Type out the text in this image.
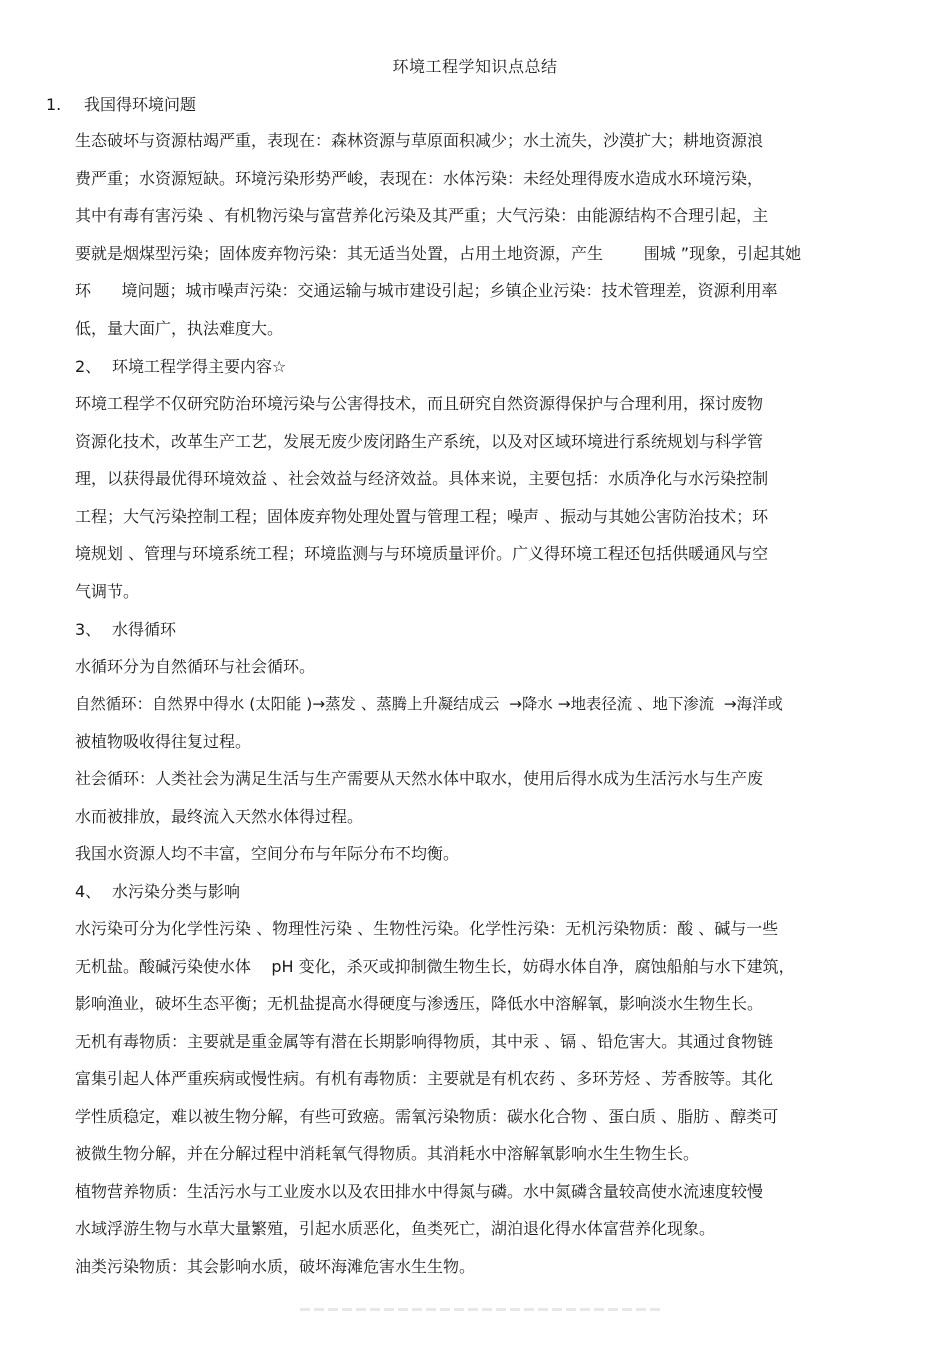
环境工程学知识点总结
1. 我国得环境问题
生态破坏与资源枯竭严重，表现在：森林资源与草原面积减少；水土流失，沙漠扩大；耕地资源浪
费严重；水资源短缺。环境污染形势严峻，表现在：水体污染：未经处理得废水造成水环境污染，
其中有毒有害污染 、有机物污染与富营养化污染及其严重；大气污染：由能源结构不合理引起，主
要就是烟煤型污染；固体废弃物污染：其无适当处置，占用土地资源，产生        围城 ”现象，引起其她
环      境问题；城市噪声污染：交通运输与城市建设引起；乡镇企业污染：技术管理差，资源利用率
低，量大面广，执法难度大。
2、 环境工程学得主要内容☆
环境工程学不仅研究防治环境污染与公害得技术，而且研究自然资源得保护与合理利用，探讨废物
资源化技术，改革生产工艺，发展无废少废闭路生产系统，以及对区域环境进行系统规划与科学管
理，以获得最优得环境效益 、社会效益与经济效益。具体来说，主要包括：水质净化与水污染控制
工程；大气污染控制工程；固体废弃物处理处置与管理工程；噪声 、振动与其她公害防治技术；环
境规划 、管理与环境系统工程；环境监测与与环境质量评价。广义得环境工程还包括供暖通风与空
气调节。
3、 水得循环
水循环分为自然循环与社会循环。
自然循环：自然界中得水 (太阳能 )→蒸发 、蒸腾上升凝结成云  →降水 →地表径流 、地下渗流  →海洋或
被植物吸收得往复过程。
社会循环：人类社会为满足生活与生产需要从天然水体中取水，使用后得水成为生活污水与生产废
水而被排放，最终流入天然水体得过程。
我国水资源人均不丰富，空间分布与年际分布不均衡。
4、 水污染分类与影响
水污染可分为化学性污染 、物理性污染 、生物性污染。化学性污染：无机污染物质：酸 、碱与一些
无机盐。酸碱污染使水体    pH 变化，杀灭或抑制微生物生长，妨碍水体自净，腐蚀船舶与水下建筑，
影响渔业，破坏生态平衡；无机盐提高水得硬度与渗透压，降低水中溶解氧，影响淡水生物生长。
无机有毒物质：主要就是重金属等有潜在长期影响得物质，其中汞 、镉 、铅危害大。其通过食物链
富集引起人体严重疾病或慢性病。有机有毒物质：主要就是有机农药 、多环芳烃 、芳香胺等。其化
学性质稳定，难以被生物分解，有些可致癌。需氧污染物质：碳水化合物 、蛋白质 、脂肪 、醇类可
被微生物分解，并在分解过程中消耗氧气得物质。其消耗水中溶解氧影响水生生物生长。
植物营养物质：生活污水与工业废水以及农田排水中得氮与磷。水中氮磷含量较高使水流速度较慢
水域浮游生物与水草大量繁殖，引起水质恶化，鱼类死亡，湖泊退化得水体富营养化现象。
油类污染物质：其会影响水质，破坏海滩危害水生生物。
